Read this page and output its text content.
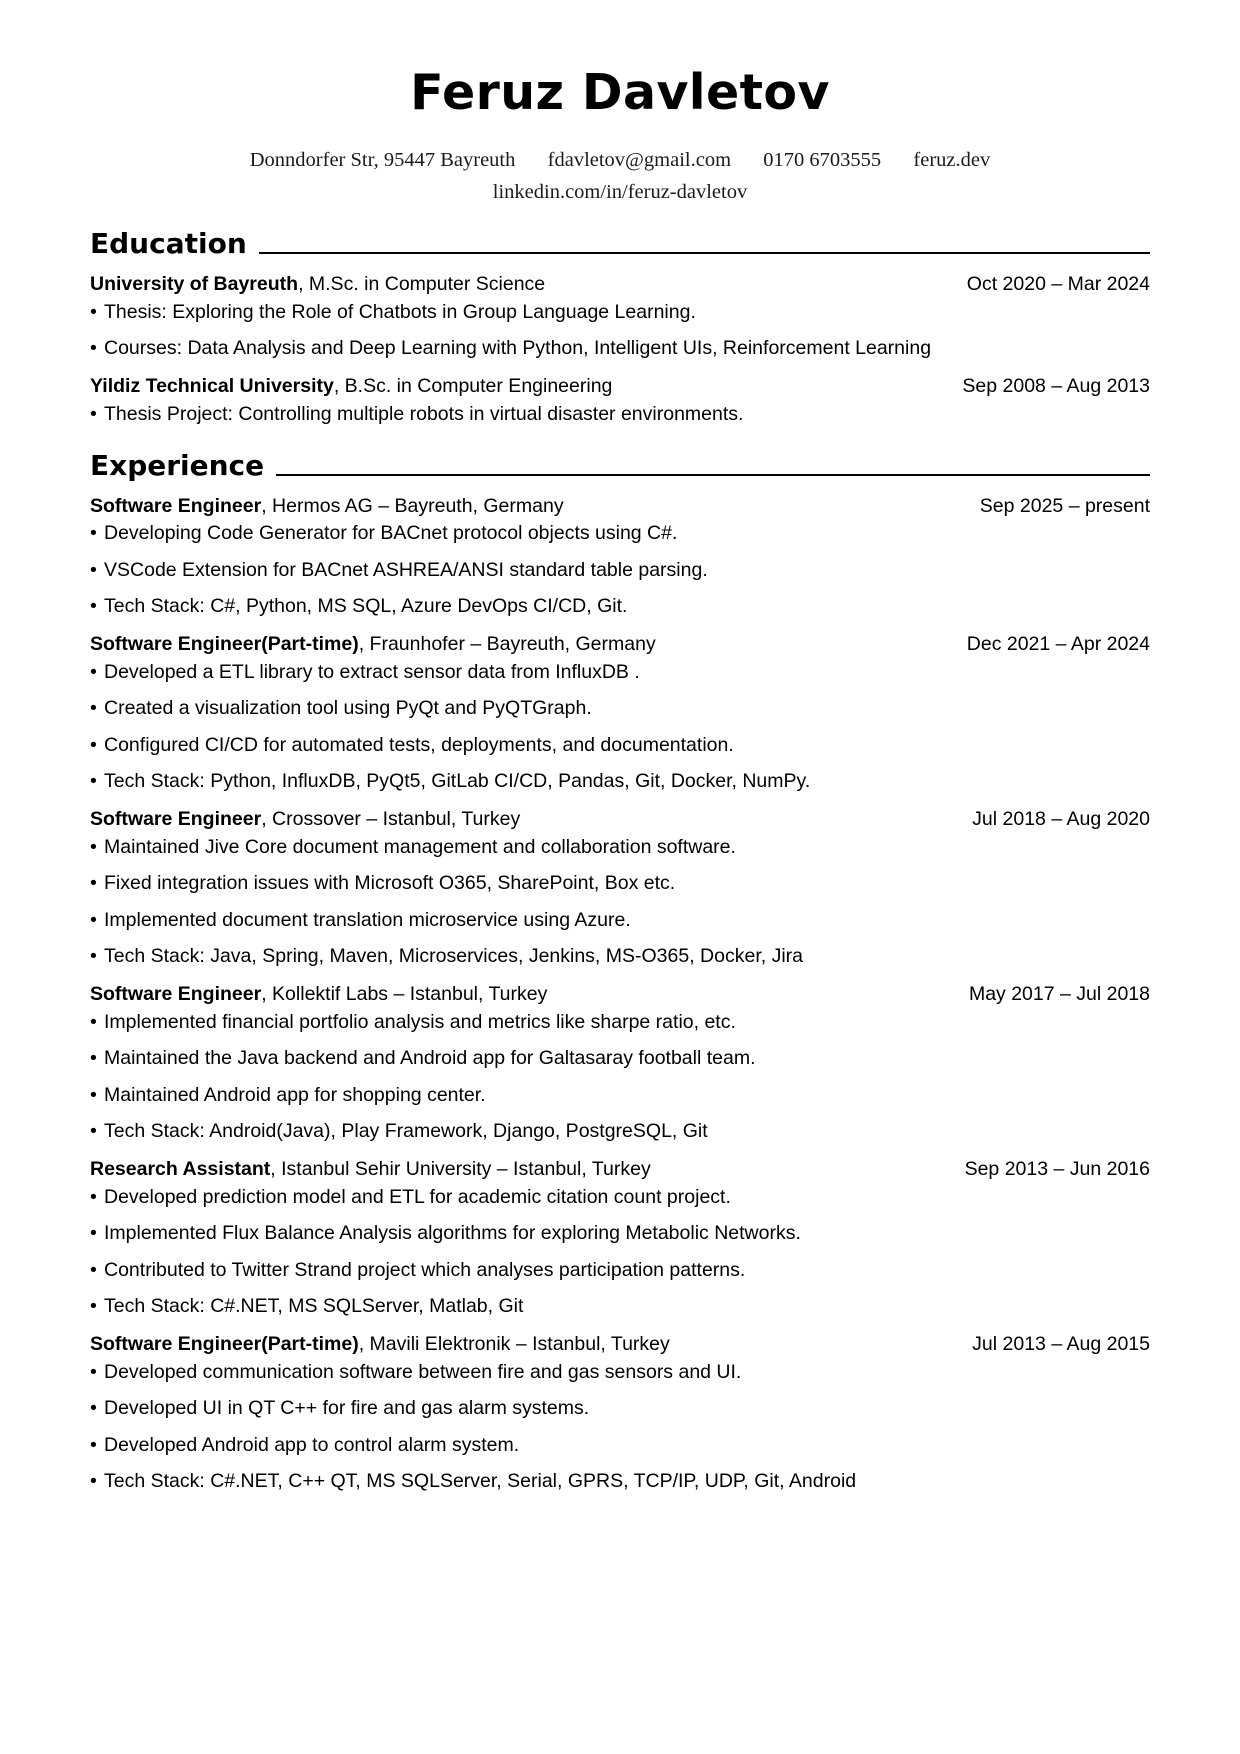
Feruz Davletov
Donndorfer Str, 95447 Bayreuth fdavletov@gmail.com 0170 6703555 feruz.dev
linkedin.com/in/feruz-davletov
Education
University of Bayreuth, M.Sc. in Computer Science	Oct 2020 – Mar 2024
• Thesis: Exploring the Role of Chatbots in Group Language Learning.
• Courses: Data Analysis and Deep Learning with Python, Intelligent UIs, Reinforcement Learning
Yildiz Technical University, B.Sc. in Computer Engineering	Sep 2008 – Aug 2013
• Thesis Project: Controlling multiple robots in virtual disaster environments.
Experience
Software Engineer, Hermos AG – Bayreuth, Germany	Sep 2025 – present
• Developing Code Generator for BACnet protocol objects using C#.
• VSCode Extension for BACnet ASHREA/ANSI standard table parsing.
• Tech Stack: C#, Python, MS SQL, Azure DevOps CI/CD, Git.
Software Engineer(Part-time), Fraunhofer – Bayreuth, Germany	Dec 2021 – Apr 2024
• Developed a ETL library to extract sensor data from InfluxDB .
• Created a visualization tool using PyQt and PyQTGraph.
• Configured CI/CD for automated tests, deployments, and documentation.
• Tech Stack: Python, InfluxDB, PyQt5, GitLab CI/CD, Pandas, Git, Docker, NumPy.
Software Engineer, Crossover – Istanbul, Turkey	Jul 2018 – Aug 2020
• Maintained Jive Core document management and collaboration software.
• Fixed integration issues with Microsoft O365, SharePoint, Box etc.
• Implemented document translation microservice using Azure.
• Tech Stack: Java, Spring, Maven, Microservices, Jenkins, MS-O365, Docker, Jira
Software Engineer, Kollektif Labs – Istanbul, Turkey	May 2017 – Jul 2018
• Implemented financial portfolio analysis and metrics like sharpe ratio, etc.
• Maintained the Java backend and Android app for Galtasaray football team.
• Maintained Android app for shopping center.
• Tech Stack: Android(Java), Play Framework, Django, PostgreSQL, Git
Research Assistant, Istanbul Sehir University – Istanbul, Turkey	Sep 2013 – Jun 2016
• Developed prediction model and ETL for academic citation count project.
• Implemented Flux Balance Analysis algorithms for exploring Metabolic Networks.
• Contributed to Twitter Strand project which analyses participation patterns.
• Tech Stack: C#.NET, MS SQLServer, Matlab, Git
Software Engineer(Part-time), Mavili Elektronik – Istanbul, Turkey	Jul 2013 – Aug 2015
• Developed communication software between fire and gas sensors and UI.
• Developed UI in QT C++ for fire and gas alarm systems.
• Developed Android app to control alarm system.
• Tech Stack: C#.NET, C++ QT, MS SQLServer, Serial, GPRS, TCP/IP, UDP, Git, Android
